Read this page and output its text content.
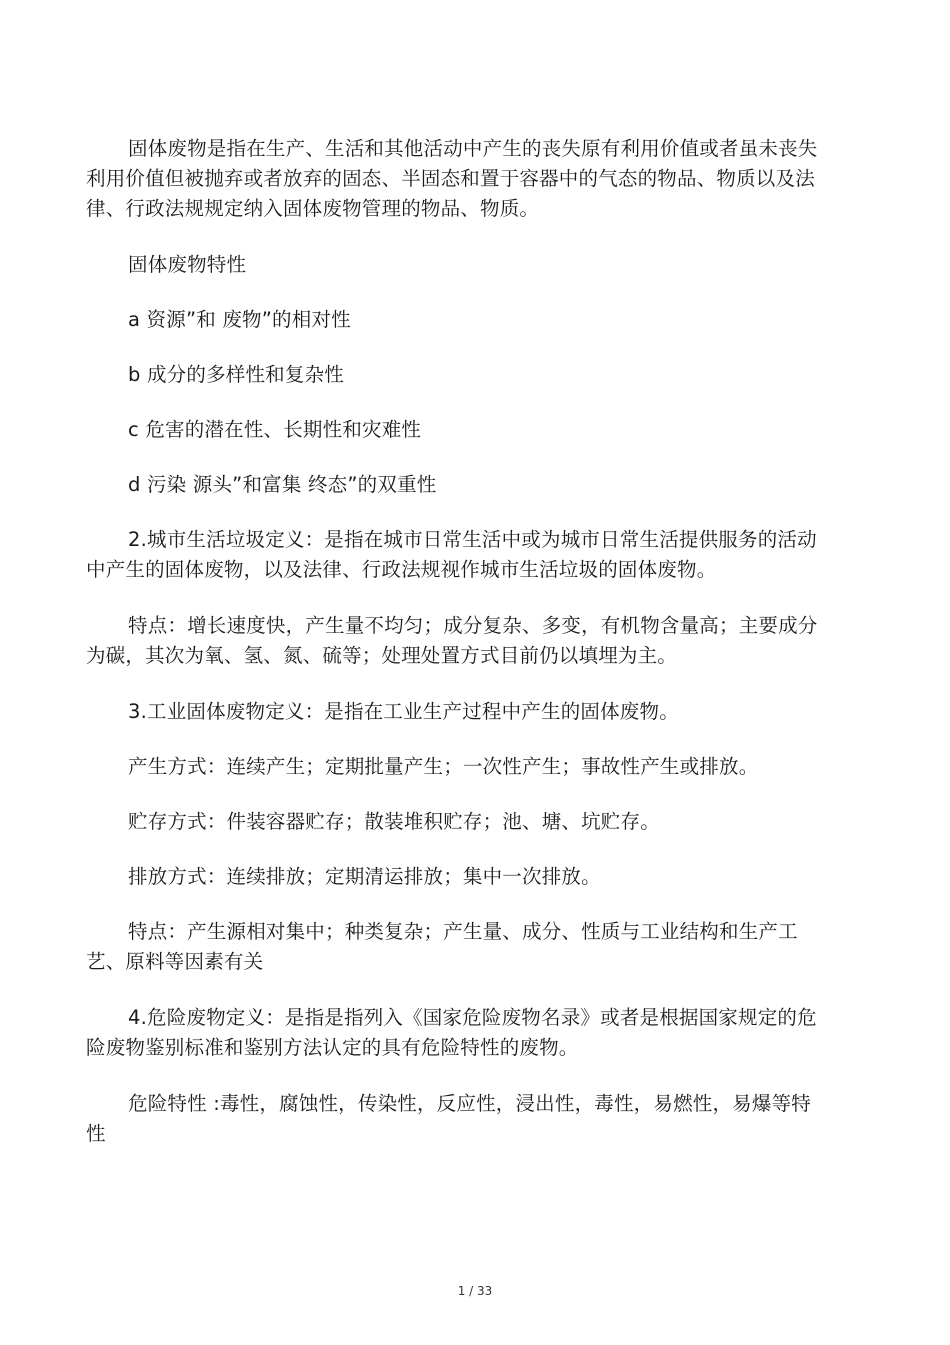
固体废物是指在生产、生活和其他活动中产生的丧失原有利用价值或者虽未丧失利用价值但被抛弃或者放弃的固态、半固态和置于容器中的气态的物品、物质以及法律、行政法规规定纳入固体废物管理的物品、物质。

固体废物特性

a 资源”和 废物”的相对性

b 成分的多样性和复杂性

c 危害的潜在性、长期性和灾难性

d 污染 源头”和富集 终态”的双重性

2.城市生活垃圾定义：是指在城市日常生活中或为城市日常生活提供服务的活动中产生的固体废物，以及法律、行政法规视作城市生活垃圾的固体废物。

特点：增长速度快，产生量不均匀；成分复杂、多变，有机物含量高；主要成分为碳，其次为氧、氢、氮、硫等；处理处置方式目前仍以填埋为主。

3.工业固体废物定义：是指在工业生产过程中产生的固体废物。

产生方式：连续产生；定期批量产生；一次性产生；事故性产生或排放。

贮存方式：件装容器贮存；散装堆积贮存；池、塘、坑贮存。

排放方式：连续排放；定期清运排放；集中一次排放。

特点：产生源相对集中；种类复杂；产生量、成分、性质与工业结构和生产工艺、原料等因素有关

4.危险废物定义：是指是指列入《国家危险废物名录》或者是根据国家规定的危险废物鉴别标准和鉴别方法认定的具有危险特性的废物。

危险特性 :毒性，腐蚀性，传染性，反应性，浸出性，毒性，易燃性，易爆等特性

1 / 33
